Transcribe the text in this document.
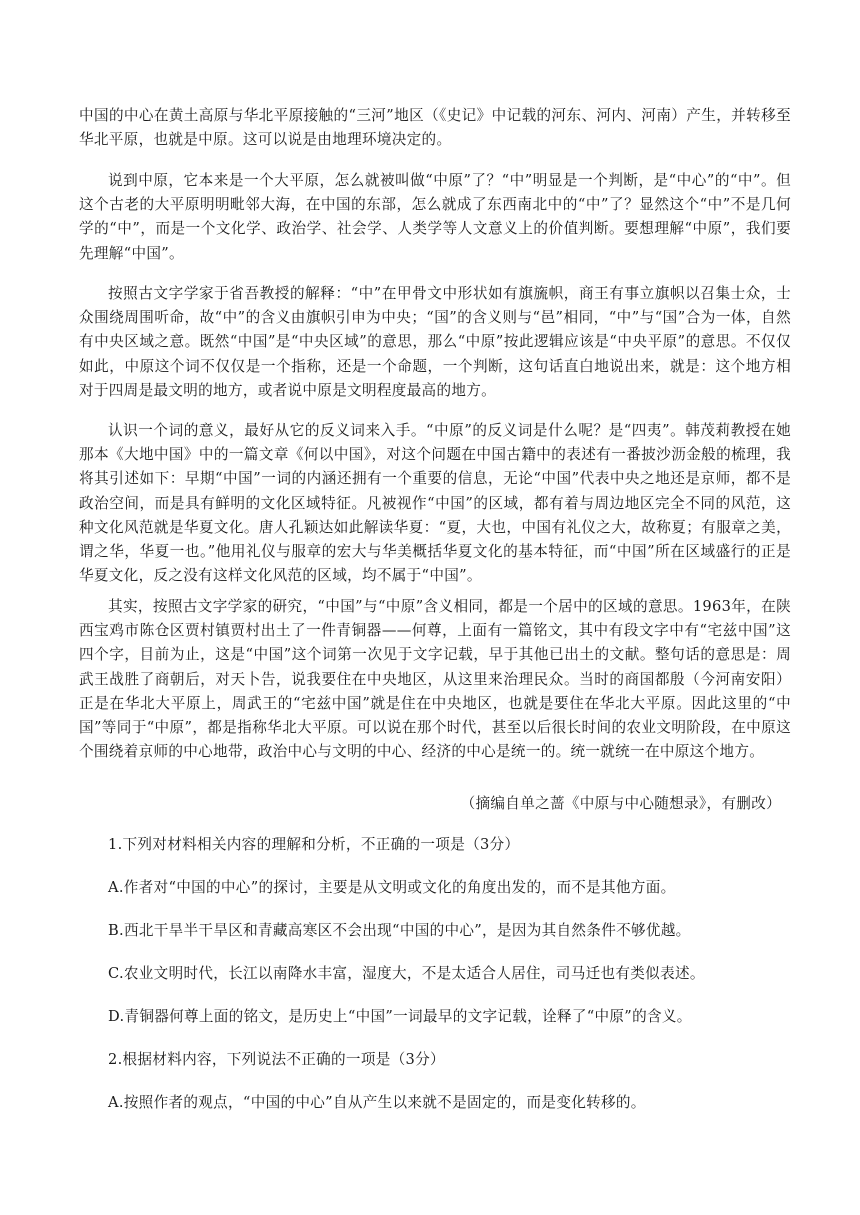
中国的中心在黄土高原与华北平原接触的“三河”地区（《史记》中记载的河东、河内、河南）产生，并转移至华北平原，也就是中原。这可以说是由地理环境决定的。

说到中原，它本来是一个大平原，怎么就被叫做“中原”了？“中”明显是一个判断，是“中心”的“中”。但这个古老的大平原明明毗邻大海，在中国的东部，怎么就成了东西南北中的“中”了？显然这个“中”不是几何学的“中”，而是一个文化学、政治学、社会学、人类学等人文意义上的价值判断。要想理解“中原”，我们要先理解“中国”。

按照古文字学家于省吾教授的解释：“中”在甲骨文中形状如有旗旒帜，商王有事立旗帜以召集士众，士众围绕周围听命，故“中”的含义由旗帜引申为中央；“国”的含义则与“邑”相同，“中”与“国”合为一体，自然有中央区域之意。既然“中国”是“中央区域”的意思，那么“中原”按此逻辑应该是“中央平原”的意思。不仅仅如此，中原这个词不仅仅是一个指称，还是一个命题，一个判断，这句话直白地说出来，就是：这个地方相对于四周是最文明的地方，或者说中原是文明程度最高的地方。

认识一个词的意义，最好从它的反义词来入手。“中原”的反义词是什么呢？是“四夷”。韩茂莉教授在她那本《大地中国》中的一篇文章《何以中国》，对这个问题在中国古籍中的表述有一番披沙沥金般的梳理，我将其引述如下：早期“中国”一词的内涵还拥有一个重要的信息，无论“中国”代表中央之地还是京师，都不是政治空间，而是具有鲜明的文化区域特征。凡被视作“中国”的区域，都有着与周边地区完全不同的风范，这种文化风范就是华夏文化。唐人孔颖达如此解读华夏：“夏，大也，中国有礼仪之大，故称夏；有服章之美，谓之华，华夏一也。”他用礼仪与服章的宏大与华美概括华夏文化的基本特征，而“中国”所在区域盛行的正是华夏文化，反之没有这样文化风范的区域，均不属于“中国”。

其实，按照古文字学家的研究，“中国”与“中原”含义相同，都是一个居中的区域的意思。1963年，在陕西宝鸡市陈仓区贾村镇贾村出土了一件青铜器——何尊，上面有一篇铭文，其中有段文字中有“宅兹中国”这四个字，目前为止，这是“中国”这个词第一次见于文字记载，早于其他已出土的文献。整句话的意思是：周武王战胜了商朝后，对天卜告，说我要住在中央地区，从这里来治理民众。当时的商国都殷（今河南安阳）正是在华北大平原上，周武王的“宅兹中国”就是住在中央地区，也就是要住在华北大平原。因此这里的“中国”等同于“中原”，都是指称华北大平原。可以说在那个时代，甚至以后很长时间的农业文明阶段，在中原这个围绕着京师的中心地带，政治中心与文明的中心、经济的中心是统一的。统一就统一在中原这个地方。

（摘编自单之蔷《中原与中心随想录》，有删改）

1.下列对材料相关内容的理解和分析，不正确的一项是（3分）

A.作者对“中国的中心”的探讨，主要是从文明或文化的角度出发的，而不是其他方面。

B.西北干旱半干旱区和青藏高寒区不会出现“中国的中心”，是因为其自然条件不够优越。

C.农业文明时代，长江以南降水丰富，湿度大，不是太适合人居住，司马迁也有类似表述。

D.青铜器何尊上面的铭文，是历史上“中国”一词最早的文字记载，诠释了“中原”的含义。

2.根据材料内容，下列说法不正确的一项是（3分）

A.按照作者的观点，“中国的中心”自从产生以来就不是固定的，而是变化转移的。
